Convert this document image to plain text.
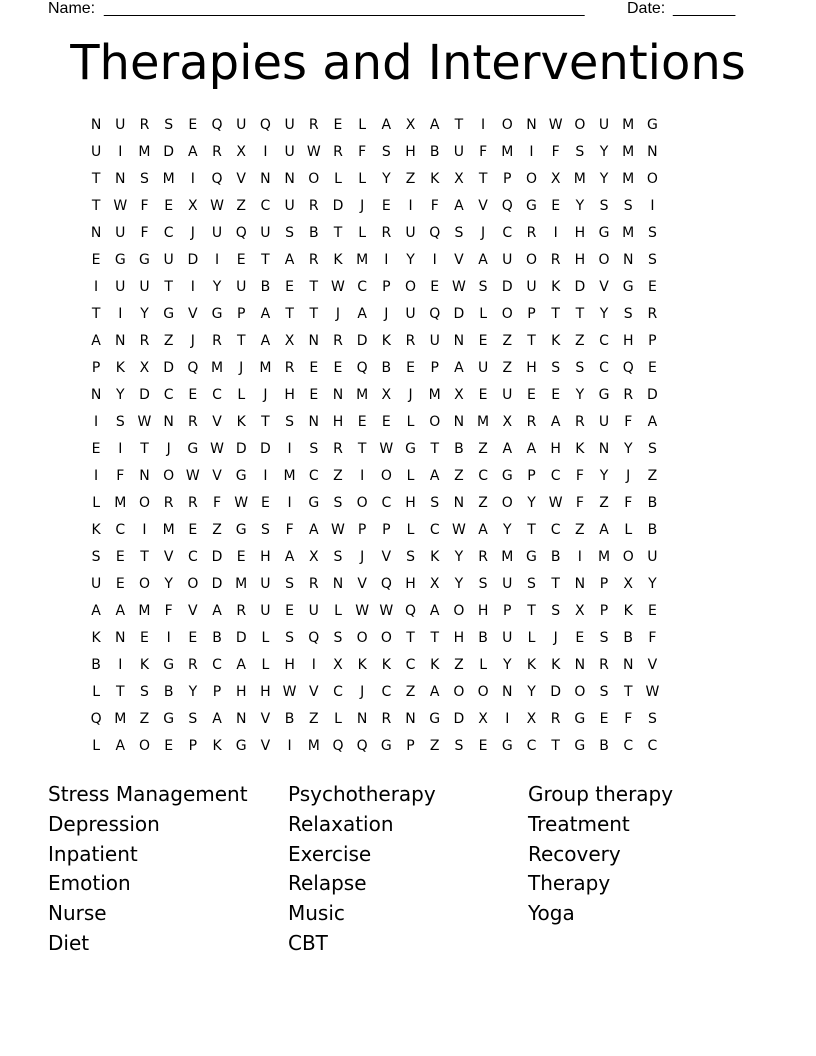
Name: ______________________________________________________	Date: _______
Therapies and Interventions
N U	R	S	E	Q U Q U	R	E	L	A	X	A	T	I	O N W O U M G
U	I	M D	A	R	X	I	U W R	F	S	H	B	U	F	M	I	F	S	Y M N
T	N	S M	I	Q V	N N O	L	L	Y	Z	K	X	T	P	O X M Y M O
T W F	E	X W Z	C	U	R D	J	E	I	F	A	V Q G	E	Y	S	S	I
N U	F	C	J	U Q U	S	B	T	L	R	U Q	S	J	C	R	I	H G M S
E	G G U D	I	E	T	A	R	K M	I	Y	I	V	A	U O R	H O N	S
I	U U	T	I	Y	U	B	E	T W C	P	O	E W S	D U	K	D	V G	E
T	I	Y	G V G	P	A	T	T	J	A	J	U Q D	L	O	P	T	T	Y	S	R
A	N	R	Z	J	R	T	A	X	N	R D	K	R	U N	E	Z	T	K	Z	C	H	P
P	K	X	D Q M	J	M R	E	E	Q B	E	P	A	U	Z	H	S	S	C Q	E
N	Y	D C	E	C	L	J	H	E	N M X	J	M X	E	U	E	E	Y	G R D
I	S W N	R	V	K	T	S	N H	E	E	L	O N M X	R	A	R	U	F	A
E	I	T	J	G W D D	I	S	R	T W G	T	B	Z	A	A	H	K	N	Y	S
I	F	N O W V G	I	M C	Z	I	O	L	A	Z	C G	P	C	F	Y	J	Z
L	M O R	R	F W E	I	G	S	O C	H	S	N	Z O	Y W F	Z	F	B
K	C	I	M E	Z G	S	F	A W P	P	L	C W A	Y	T	C	Z	A	L	B
S	E	T	V	C D	E	H	A	X	S	J	V	S	K	Y	R M G B	I	M O U
U	E	O	Y	O D M U	S	R	N	V Q H	X	Y	S	U	S	T	N	P	X	Y
A	A M	F	V	A	R	U	E	U	L W W Q A O H	P	T	S	X	P	K	E
K	N	E	I	E	B	D	L	S	Q	S	O O	T	T	H	B	U	L	J	E	S	B	F
B	I	K	G R	C	A	L	H	I	X	K	K	C	K	Z	L	Y	K	K	N	R	N	V
L	T	S	B	Y	P	H H W V	C	J	C	Z	A O O N	Y	D O	S	T W
Q M Z G	S	A	N	V	B	Z	L	N	R	N G D	X	I	X	R G	E	F	S
L	A O	E	P	K	G V	I	M Q Q G	P	Z	S	E	G C	T	G B	C	C
Stress Management
Depression
Inpatient
Emotion
Nurse
Diet
Psychotherapy
Relaxation
Exercise
Relapse
Music
CBT
Group therapy
Treatment
Recovery
Therapy
Yoga
